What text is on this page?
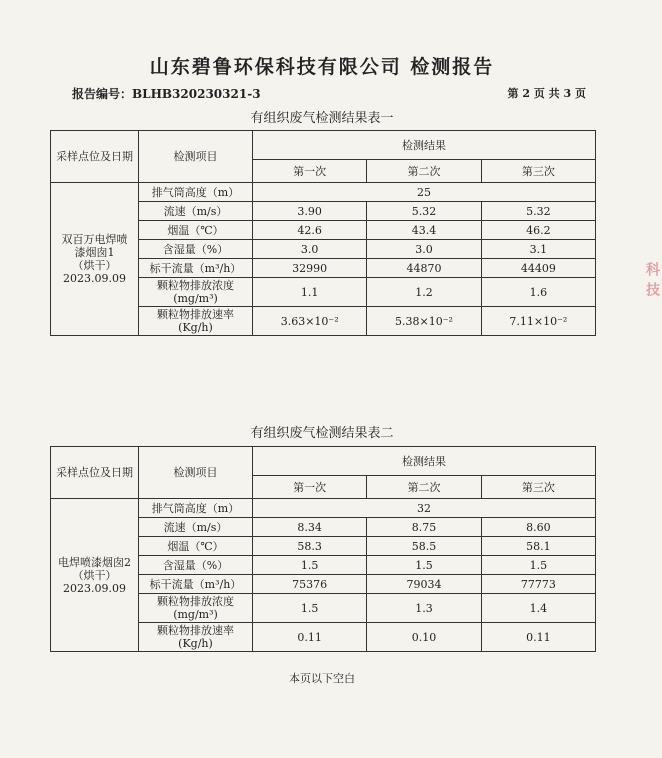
山东碧鲁环保科技有限公司 检测报告
报告编号：BLHB320230321-3	第 2 页 共 3 页
有组织废气检测结果表一
采样点位及日期	检测项目	检测结果		
		第一次	第二次	第三次

双百万电焊喷
漆烟囱1
（烘干）
2023.09.09	排气筒高度（m）	25		
	流速（m/s）	3.90	5.32	5.32
	烟温（℃）	42.6	43.4	46.2
	含湿量（%）	3.0	3.0	3.1
	标干流量（m³/h）	32990	44870	44409

	颗粒物排放浓度
(mg/m³)	1.1	1.2	1.6

	颗粒物排放速率
(Kg/h)	3.63×10⁻²	5.38×10⁻²	7.11×10⁻²
有组织废气检测结果表二
采样点位及日期	检测项目	检测结果		
		第一次	第二次	第三次

电焊喷漆烟囱2
（烘干）
2023.09.09	排气筒高度（m）	32		
	流速（m/s）	8.34	8.75	8.60
	烟温（℃）	58.3	58.5	58.1
	含湿量（%）	1.5	1.5	1.5
	标干流量（m³/h）	75376	79034	77773

	颗粒物排放浓度
(mg/m³)	1.5	1.3	1.4

	颗粒物排放速率
(Kg/h)	0.11	0.10	0.11
本页以下空白
科技
